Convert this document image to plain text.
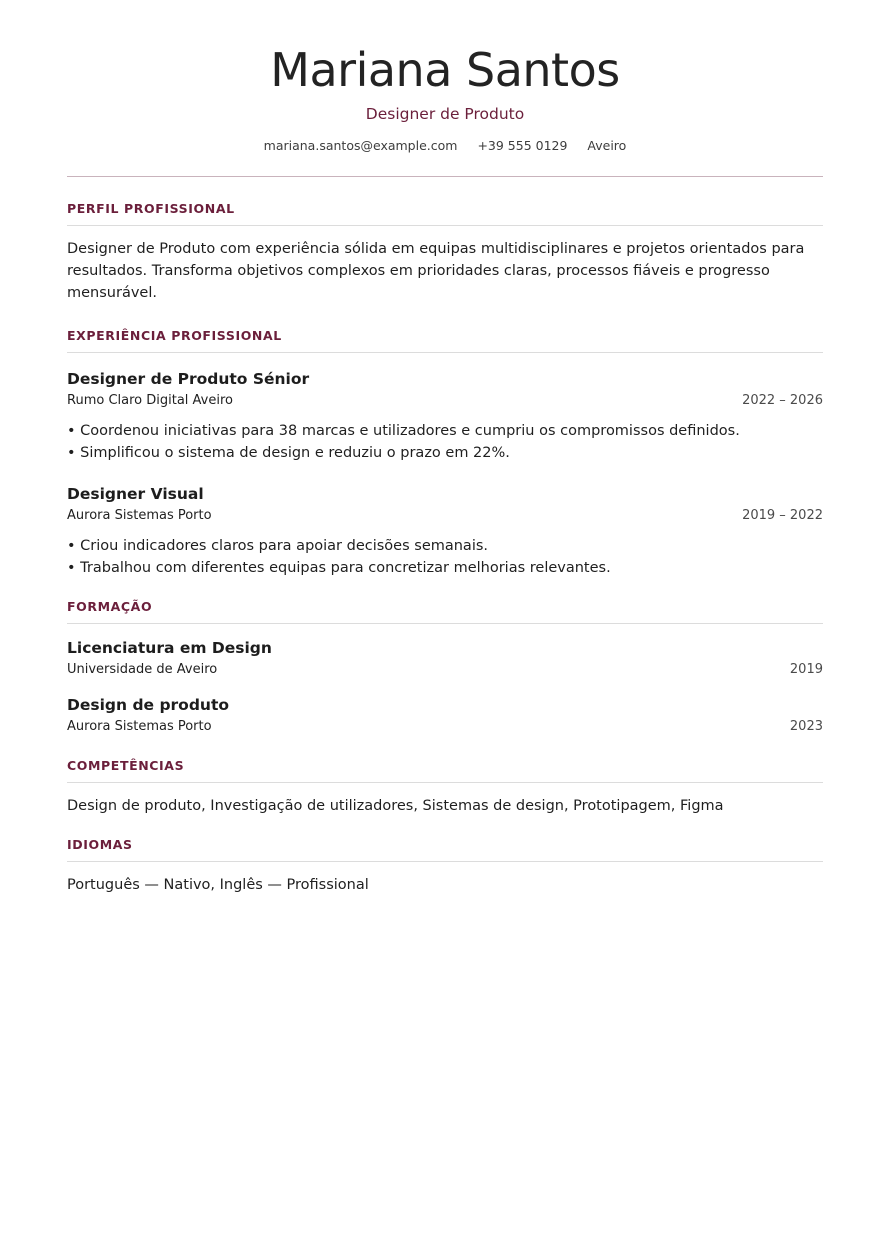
Mariana Santos
Designer de Produto
mariana.santos@example.com +39 555 0129 Aveiro
PERFIL PROFISSIONAL
Designer de Produto com experiência sólida em equipas multidisciplinares e projetos orientados para resultados. Transforma objetivos complexos em prioridades claras, processos fiáveis e progresso mensurável.
EXPERIÊNCIA PROFISSIONAL
Designer de Produto Sénior
Rumo Claro Digital Aveiro	2022 – 2026
• Coordenou iniciativas para 38 marcas e utilizadores e cumpriu os compromissos definidos.
• Simplificou o sistema de design e reduziu o prazo em 22%.
Designer Visual
Aurora Sistemas Porto	2019 – 2022
• Criou indicadores claros para apoiar decisões semanais.
• Trabalhou com diferentes equipas para concretizar melhorias relevantes.
FORMAÇÃO
Licenciatura em Design
Universidade de Aveiro	2019
Design de produto
Aurora Sistemas Porto	2023
COMPETÊNCIAS
Design de produto, Investigação de utilizadores, Sistemas de design, Prototipagem, Figma
IDIOMAS
Português — Nativo, Inglês — Profissional
